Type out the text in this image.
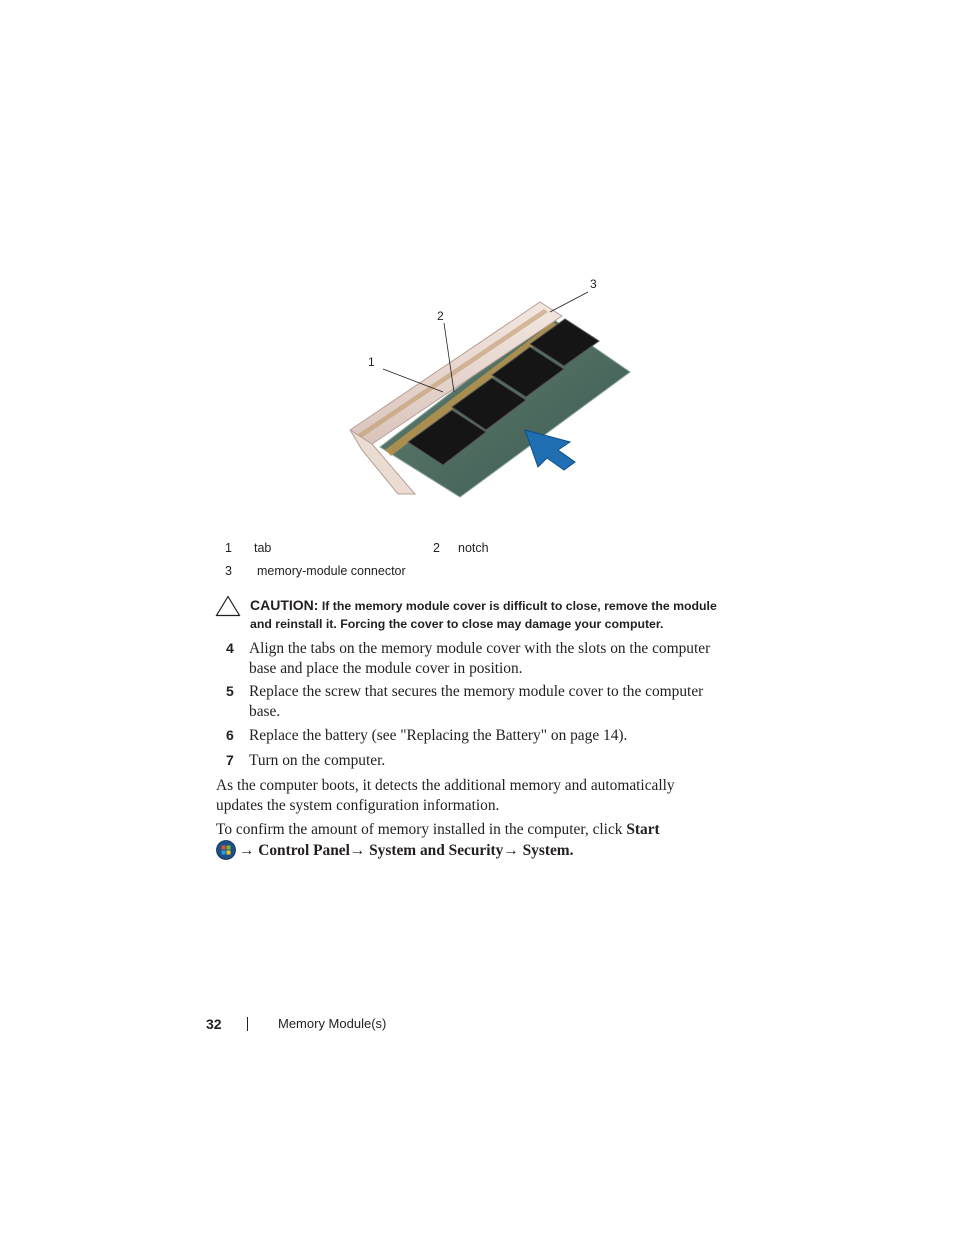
1
2
3
1 tab	2 notch
3 memory-module connector
CAUTION: If the memory module cover is difficult to close, remove the module and reinstall it. Forcing the cover to close may damage your computer.
4 Align the tabs on the memory module cover with the slots on the computer base and place the module cover in position.
5 Replace the screw that secures the memory module cover to the computer base.
6 Replace the battery (see "Replacing the Battery" on page 14).
7 Turn on the computer.
As the computer boots, it detects the additional memory and automatically updates the system configuration information.
To confirm the amount of memory installed in the computer, click Start
→ Control Panel→ System and Security→ System.
32	Memory Module(s)
